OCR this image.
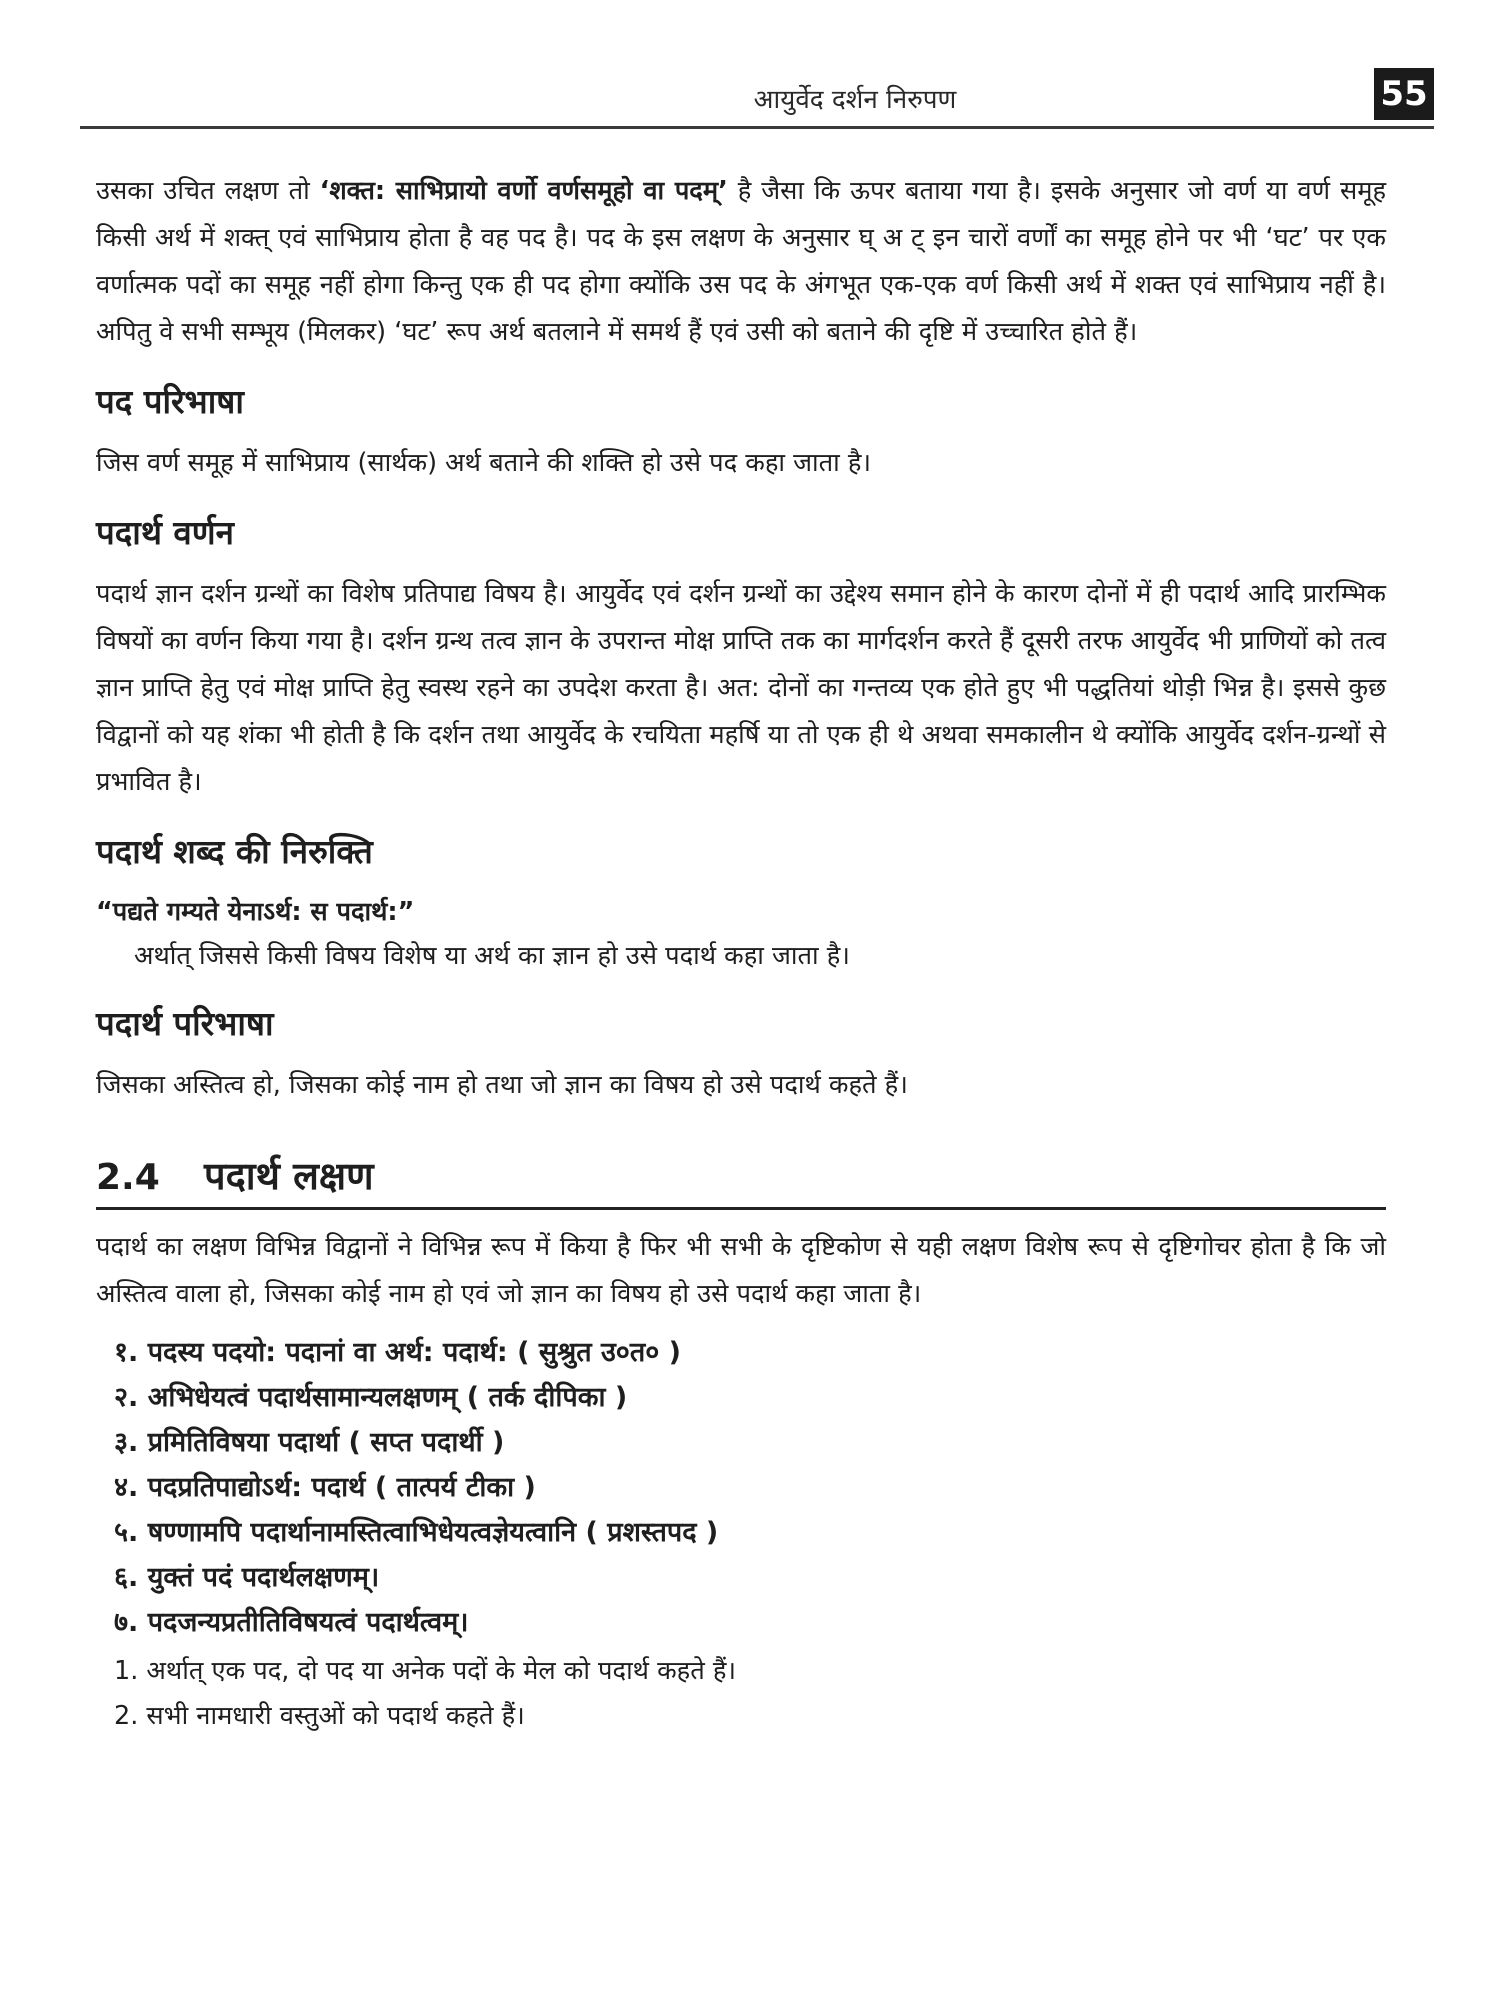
आयुर्वेद दर्शन निरुपण	55

उसका उचित लक्षण तो ‘शक्त: साभिप्रायो वर्णो वर्णसमूहो वा पदम्’ है जैसा कि ऊपर बताया गया है। इसके अनुसार जो वर्ण या वर्ण समूह किसी अर्थ में शक्त् एवं साभिप्राय होता है वह पद है। पद के इस लक्षण के अनुसार घ् अ ट् इन चारों वर्णों का समूह होने पर भी ‘घट’ पर एक वर्णात्मक पदों का समूह नहीं होगा किन्तु एक ही पद होगा क्योंकि उस पद के अंगभूत एक-एक वर्ण किसी अर्थ में शक्त एवं साभिप्राय नहीं है। अपितु वे सभी सम्भूय (मिलकर) ‘घट’ रूप अर्थ बतलाने में समर्थ हैं एवं उसी को बताने की दृष्टि में उच्चारित होते हैं।

पद परिभाषा

जिस वर्ण समूह में साभिप्राय (सार्थक) अर्थ बताने की शक्ति हो उसे पद कहा जाता है।

पदार्थ वर्णन

पदार्थ ज्ञान दर्शन ग्रन्थों का विशेष प्रतिपाद्य विषय है। आयुर्वेद एवं दर्शन ग्रन्थों का उद्देश्य समान होने के कारण दोनों में ही पदार्थ आदि प्रारम्भिक विषयों का वर्णन किया गया है। दर्शन ग्रन्थ तत्व ज्ञान के उपरान्त मोक्ष प्राप्ति तक का मार्गदर्शन करते हैं दूसरी तरफ आयुर्वेद भी प्राणियों को तत्व ज्ञान प्राप्ति हेतु एवं मोक्ष प्राप्ति हेतु स्वस्थ रहने का उपदेश करता है। अत: दोनों का गन्तव्य एक होते हुए भी पद्धतियां थोड़ी भिन्न है। इससे कुछ विद्वानों को यह शंका भी होती है कि दर्शन तथा आयुर्वेद के रचयिता महर्षि या तो एक ही थे अथवा समकालीन थे क्योंकि आयुर्वेद दर्शन-ग्रन्थों से प्रभावित है।

पदार्थ शब्द की निरुक्ति

“पद्यते गम्यते येनाऽर्थ: स पदार्थ:”

अर्थात् जिससे किसी विषय विशेष या अर्थ का ज्ञान हो उसे पदार्थ कहा जाता है।

पदार्थ परिभाषा

जिसका अस्तित्व हो, जिसका कोई नाम हो तथा जो ज्ञान का विषय हो उसे पदार्थ कहते हैं।

2.4	पदार्थ लक्षण

पदार्थ का लक्षण विभिन्न विद्वानों ने विभिन्न रूप में किया है फिर भी सभी के दृष्टिकोण से यही लक्षण विशेष रूप से दृष्टिगोचर होता है कि जो अस्तित्व वाला हो, जिसका कोई नाम हो एवं जो ज्ञान का विषय हो उसे पदार्थ कहा जाता है।

१. पदस्य पदयो: पदानां वा अर्थ: पदार्थ: ( सुश्रुत उ०त० )
२. अभिधेयत्वं पदार्थसामान्यलक्षणम् ( तर्क दीपिका )
३. प्रमितिविषया पदार्था ( सप्त पदार्थी )
४. पदप्रतिपाद्योऽर्थ: पदार्थ ( तात्पर्य टीका )
५. षण्णामपि पदार्थानामस्तित्वाभिधेयत्वज्ञेयत्वानि ( प्रशस्तपद )
६. युक्तं पदं पदार्थलक्षणम्।
७. पदजन्यप्रतीतिविषयत्वं पदार्थत्वम्।
1. अर्थात् एक पद, दो पद या अनेक पदों के मेल को पदार्थ कहते हैं।
2. सभी नामधारी वस्तुओं को पदार्थ कहते हैं।
